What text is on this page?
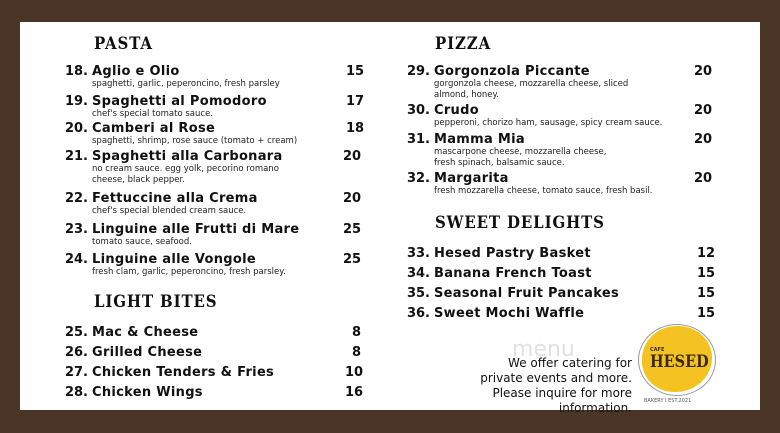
PASTA
18. Aglio e Olio	15
spaghetti, garlic, peperoncino, fresh parsley
19. Spaghetti al Pomodoro	17
chef's special tomato sauce.
20. Camberi al Rose	18
spaghetti, shrimp, rose sauce (tomato + cream)
21. Spaghetti alla Carbonara	20
no cream sauce. egg yolk, pecorino romano cheese, black pepper.
22. Fettuccine alla Crema	20
chef's special blended cream sauce.
23. Linguine alle Frutti di Mare	25
tomato sauce, seafood.
24. Linguine alle Vongole	25
fresh clam, garlic, peperoncino, fresh parsley.
LIGHT BITES
25. Mac & Cheese	8
26. Grilled Cheese	8
27. Chicken Tenders & Fries	10
28. Chicken Wings	16
PIZZA
29. Gorgonzola Piccante	20
gorgonzola cheese, mozzarella cheese, sliced almond, honey.
30. Crudo	20
pepperoni, chorizo ham, sausage, spicy cream sauce.
31. Mamma Mia	20
mascarpone cheese, mozzarella cheese, fresh spinach, balsamic sauce.
32. Margarita	20
fresh mozzarella cheese, tomato sauce, fresh basil.
SWEET DELIGHTS
33. Hesed Pastry Basket	12
34. Banana French Toast	15
35. Seasonal Fruit Pancakes	15
36. Sweet Mochi Waffle	15
menu
We offer catering for
private events and more.
Please inquire for more information.
CAFE
HESED
BAKERY I EST.2021
